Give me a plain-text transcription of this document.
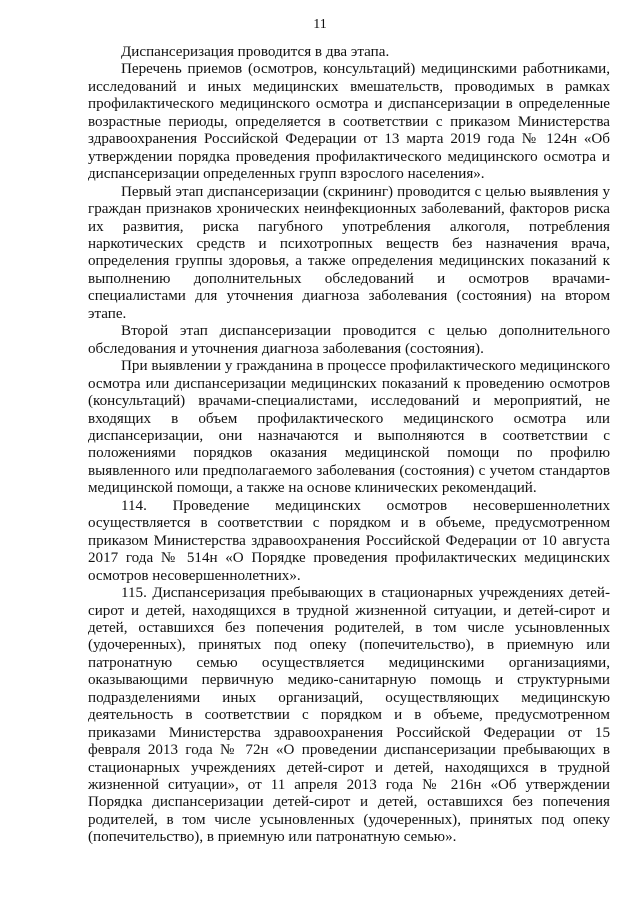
11

Диспансеризация проводится в два этапа.

Перечень приемов (осмотров, консультаций) медицинскими работниками, исследований и иных медицинских вмешательств, проводимых в рамках профилактического медицинского осмотра и диспансеризации в определенные возрастные периоды, определяется в соответствии с приказом Министерства здравоохранения Российской Федерации от 13 марта 2019 года № 124н «Об утверждении порядка проведения профилактического медицинского осмотра и диспансеризации определенных групп взрослого населения».

Первый этап диспансеризации (скрининг) проводится с целью выявления у граждан признаков хронических неинфекционных заболеваний, факторов риска их развития, риска пагубного употребления алкоголя, потребления наркотических средств и психотропных веществ без назначения врача, определения группы здоровья, а также определения медицинских показаний к выполнению дополнительных обследований и осмотров врачами-специалистами для уточнения диагноза заболевания (состояния) на втором этапе.

Второй этап диспансеризации проводится с целью дополнительного обследования и уточнения диагноза заболевания (состояния).

При выявлении у гражданина в процессе профилактического медицинского осмотра или диспансеризации медицинских показаний к проведению осмотров (консультаций) врачами-специалистами, исследований и мероприятий, не входящих в объем профилактического медицинского осмотра или диспансеризации, они назначаются и выполняются в соответствии с положениями порядков оказания медицинской помощи по профилю выявленного или предполагаемого заболевания (состояния) с учетом стандартов медицинской помощи, а также на основе клинических рекомендаций.

114. Проведение медицинских осмотров несовершеннолетних осуществляется в соответствии с порядком и в объеме, предусмотренном приказом Министерства здравоохранения Российской Федерации от 10 августа 2017 года № 514н «О Порядке проведения профилактических медицинских осмотров несовершеннолетних».

115. Диспансеризация пребывающих в стационарных учреждениях детей-сирот и детей, находящихся в трудной жизненной ситуации, и детей-сирот и детей, оставшихся без попечения родителей, в том числе усыновленных (удочеренных), принятых под опеку (попечительство), в приемную или патронатную семью осуществляется медицинскими организациями, оказывающими первичную медико-санитарную помощь и структурными подразделениями иных организаций, осуществляющих медицинскую деятельность в соответствии с порядком и в объеме, предусмотренном приказами Министерства здравоохранения Российской Федерации от 15 февраля 2013 года № 72н «О проведении диспансеризации пребывающих в стационарных учреждениях детей-сирот и детей, находящихся в трудной жизненной ситуации», от 11 апреля 2013 года № 216н «Об утверждении Порядка диспансеризации детей-сирот и детей, оставшихся без попечения родителей, в том числе усыновленных (удочеренных), принятых под опеку (попечительство), в приемную или патронатную семью».
